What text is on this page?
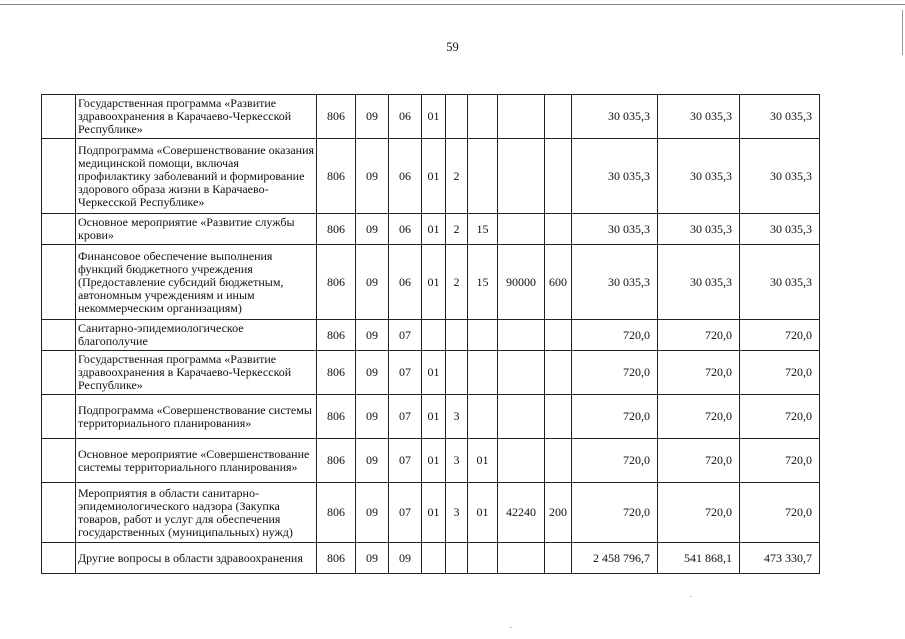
59
	Государственная программа «Развитие здравоохранения в Карачаево-Черкесской Республике»	806	09	06	01					30 035,3	30 035,3	30 035,3
	Подпрограмма «Совершенствование оказания медицинской помощи, включая профилактику заболеваний и формирование здорового образа жизни в Карачаево-Черкесской Республике»	806	09	06	01	2				30 035,3	30 035,3	30 035,3
	Основное мероприятие «Развитие службы крови»	806	09	06	01	2	15			30 035,3	30 035,3	30 035,3
	Финансовое обеспечение выполнения функций бюджетного учреждения (Предоставление субсидий бюджетным, автономным учреждениям и иным некоммерческим организациям)	806	09	06	01	2	15	90000	600	30 035,3	30 035,3	30 035,3
	Санитарно-эпидемиологическое благополучие	806	09	07						720,0	720,0	720,0
	Государственная программа «Развитие здравоохранения в Карачаево-Черкесской Республике»	806	09	07	01					720,0	720,0	720,0
	Подпрограмма «Совершенствование системы территориального планирования»	806	09	07	01	3				720,0	720,0	720,0
	Основное мероприятие «Совершенствование системы территориального планирования»	806	09	07	01	3	01			720,0	720,0	720,0
	Мероприятия в области санитарно-эпидемиологического надзора (Закупка товаров, работ и услуг для обеспечения государственных (муниципальных) нужд)	806	09	07	01	3	01	42240	200	720,0	720,0	720,0
	Другие вопросы в области здравоохранения	806	09	09						2 458 796,7	541 868,1	473 330,7
